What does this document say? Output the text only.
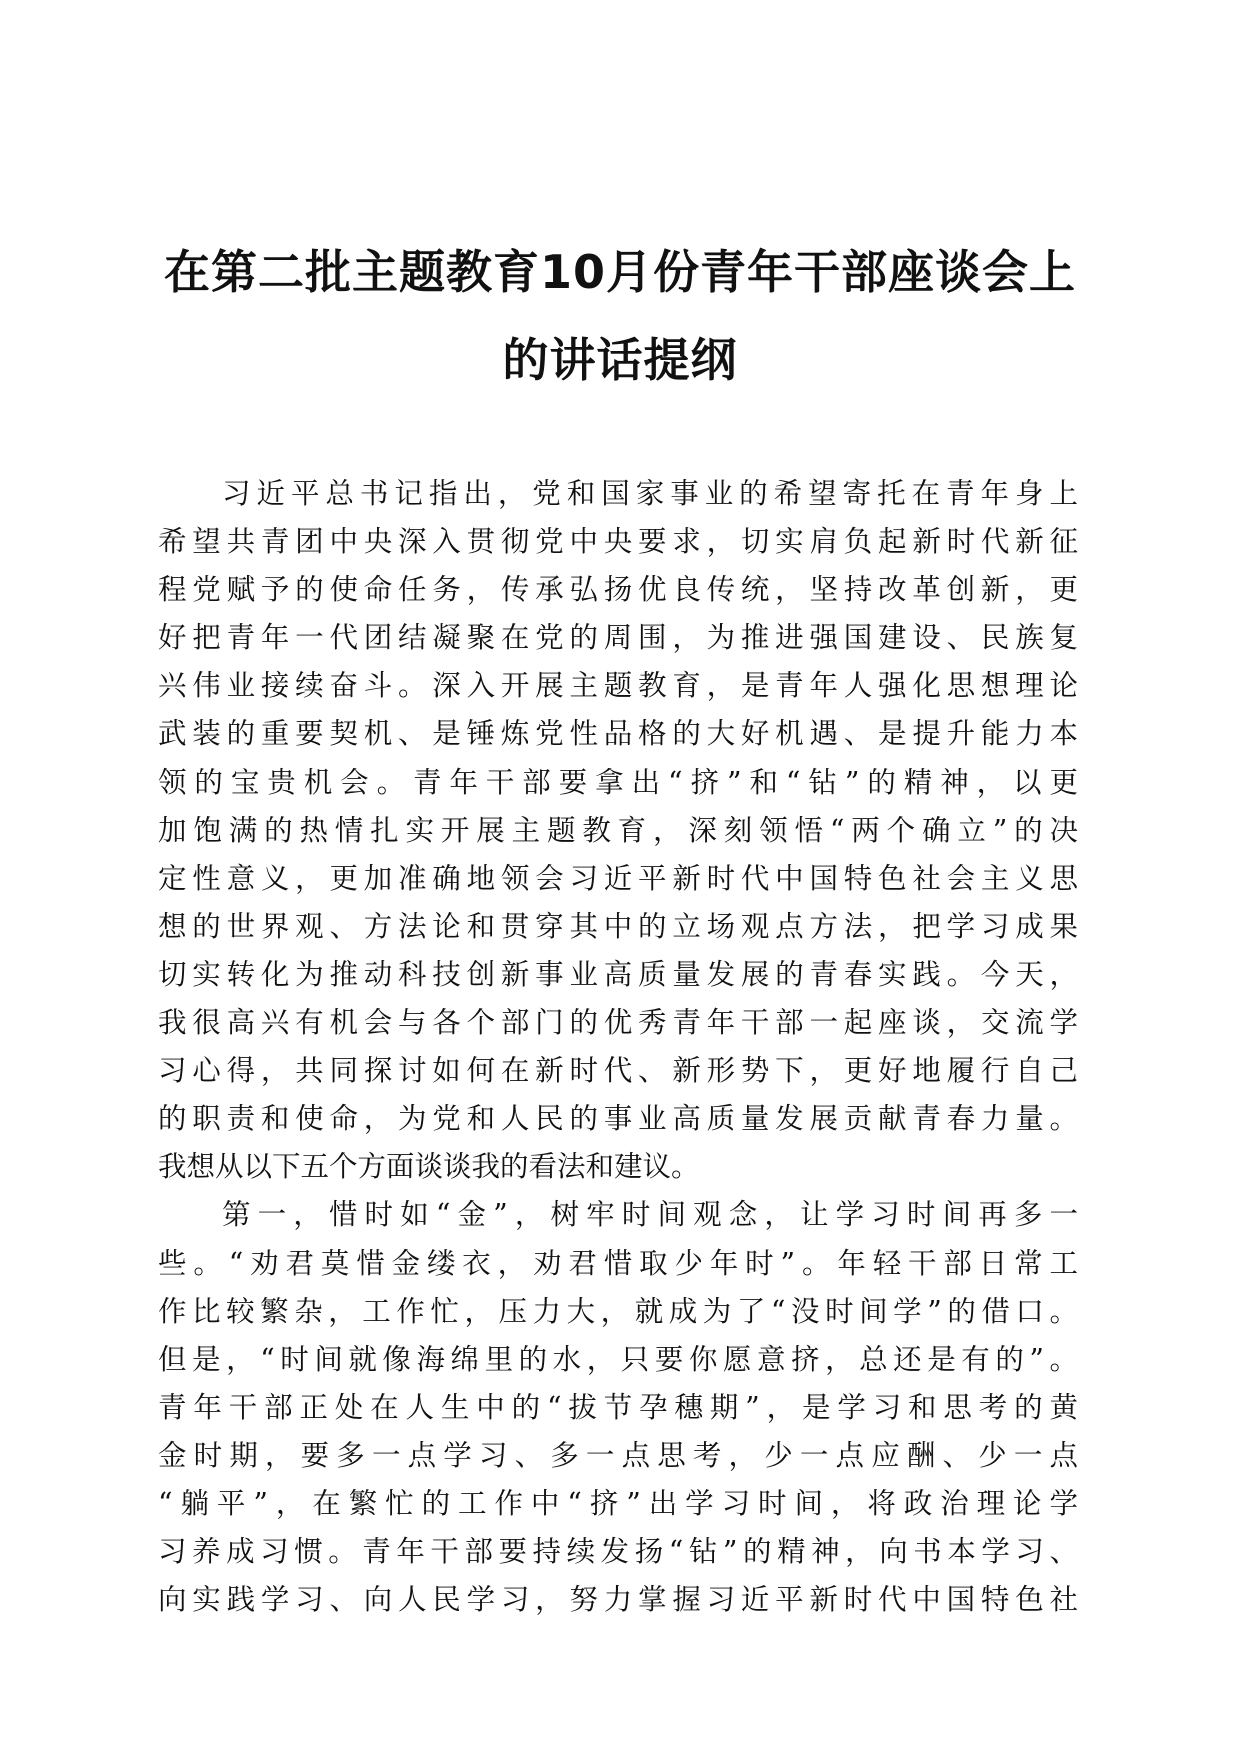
在第二批主题教育10月份青年干部座谈会上
的讲话提纲
习近平总书记指出，党和国家事业的希望寄托在青年身上
希望共青团中央深入贯彻党中央要求，切实肩负起新时代新征
程党赋予的使命任务，传承弘扬优良传统，坚持改革创新，更
好把青年一代团结凝聚在党的周围，为推进强国建设、民族复
兴伟业接续奋斗。深入开展主题教育，是青年人强化思想理论
武装的重要契机、是锤炼党性品格的大好机遇、是提升能力本
领的宝贵机会。青年干部要拿出“挤”和“钻”的精神，以更
加饱满的热情扎实开展主题教育，深刻领悟“两个确立”的决
定性意义，更加准确地领会习近平新时代中国特色社会主义思
想的世界观、方法论和贯穿其中的立场观点方法，把学习成果
切实转化为推动科技创新事业高质量发展的青春实践。今天，
我很高兴有机会与各个部门的优秀青年干部一起座谈，交流学
习心得，共同探讨如何在新时代、新形势下，更好地履行自己
的职责和使命，为党和人民的事业高质量发展贡献青春力量。
我想从以下五个方面谈谈我的看法和建议。
第一，惜时如“金”，树牢时间观念，让学习时间再多一
些。“劝君莫惜金缕衣，劝君惜取少年时”。年轻干部日常工
作比较繁杂，工作忙，压力大，就成为了“没时间学”的借口。
但是，“时间就像海绵里的水，只要你愿意挤，总还是有的”。
青年干部正处在人生中的“拔节孕穗期”，是学习和思考的黄
金时期，要多一点学习、多一点思考，少一点应酬、少一点
“躺平”，在繁忙的工作中“挤”出学习时间，将政治理论学
习养成习惯。青年干部要持续发扬“钻”的精神，向书本学习、
向实践学习、向人民学习，努力掌握习近平新时代中国特色社
